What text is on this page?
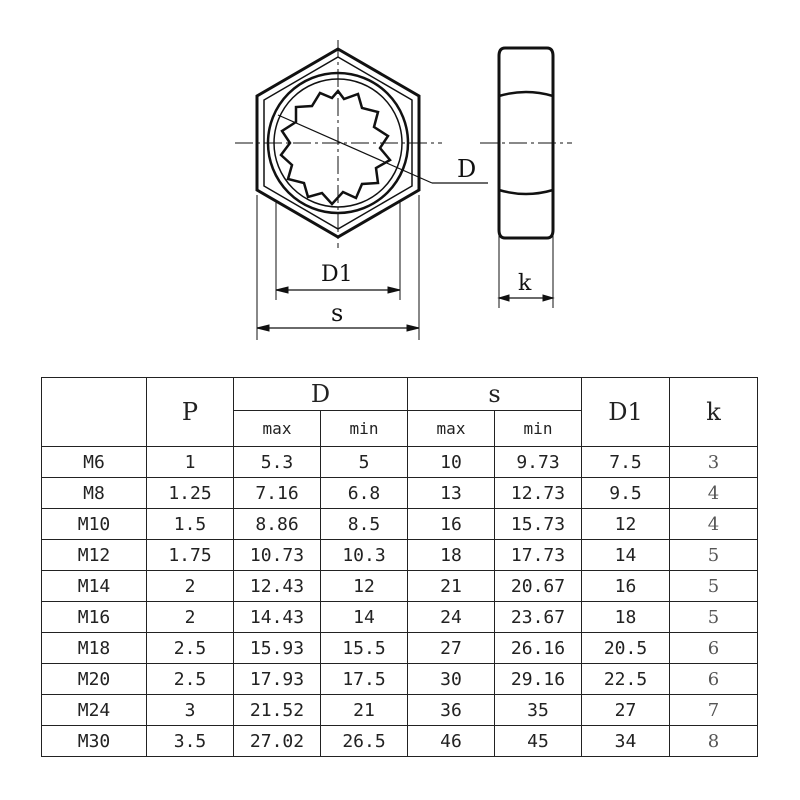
D
D1
s
k
	P	D		s		D1	k
		max	min	max	min		
M6	1	5.3	5	10	9.73	7.5	3
M8	1.25	7.16	6.8	13	12.73	9.5	4
M10	1.5	8.86	8.5	16	15.73	12	4
M12	1.75	10.73	10.3	18	17.73	14	5
M14	2	12.43	12	21	20.67	16	5
M16	2	14.43	14	24	23.67	18	5
M18	2.5	15.93	15.5	27	26.16	20.5	6
M20	2.5	17.93	17.5	30	29.16	22.5	6
M24	3	21.52	21	36	35	27	7
M30	3.5	27.02	26.5	46	45	34	8
